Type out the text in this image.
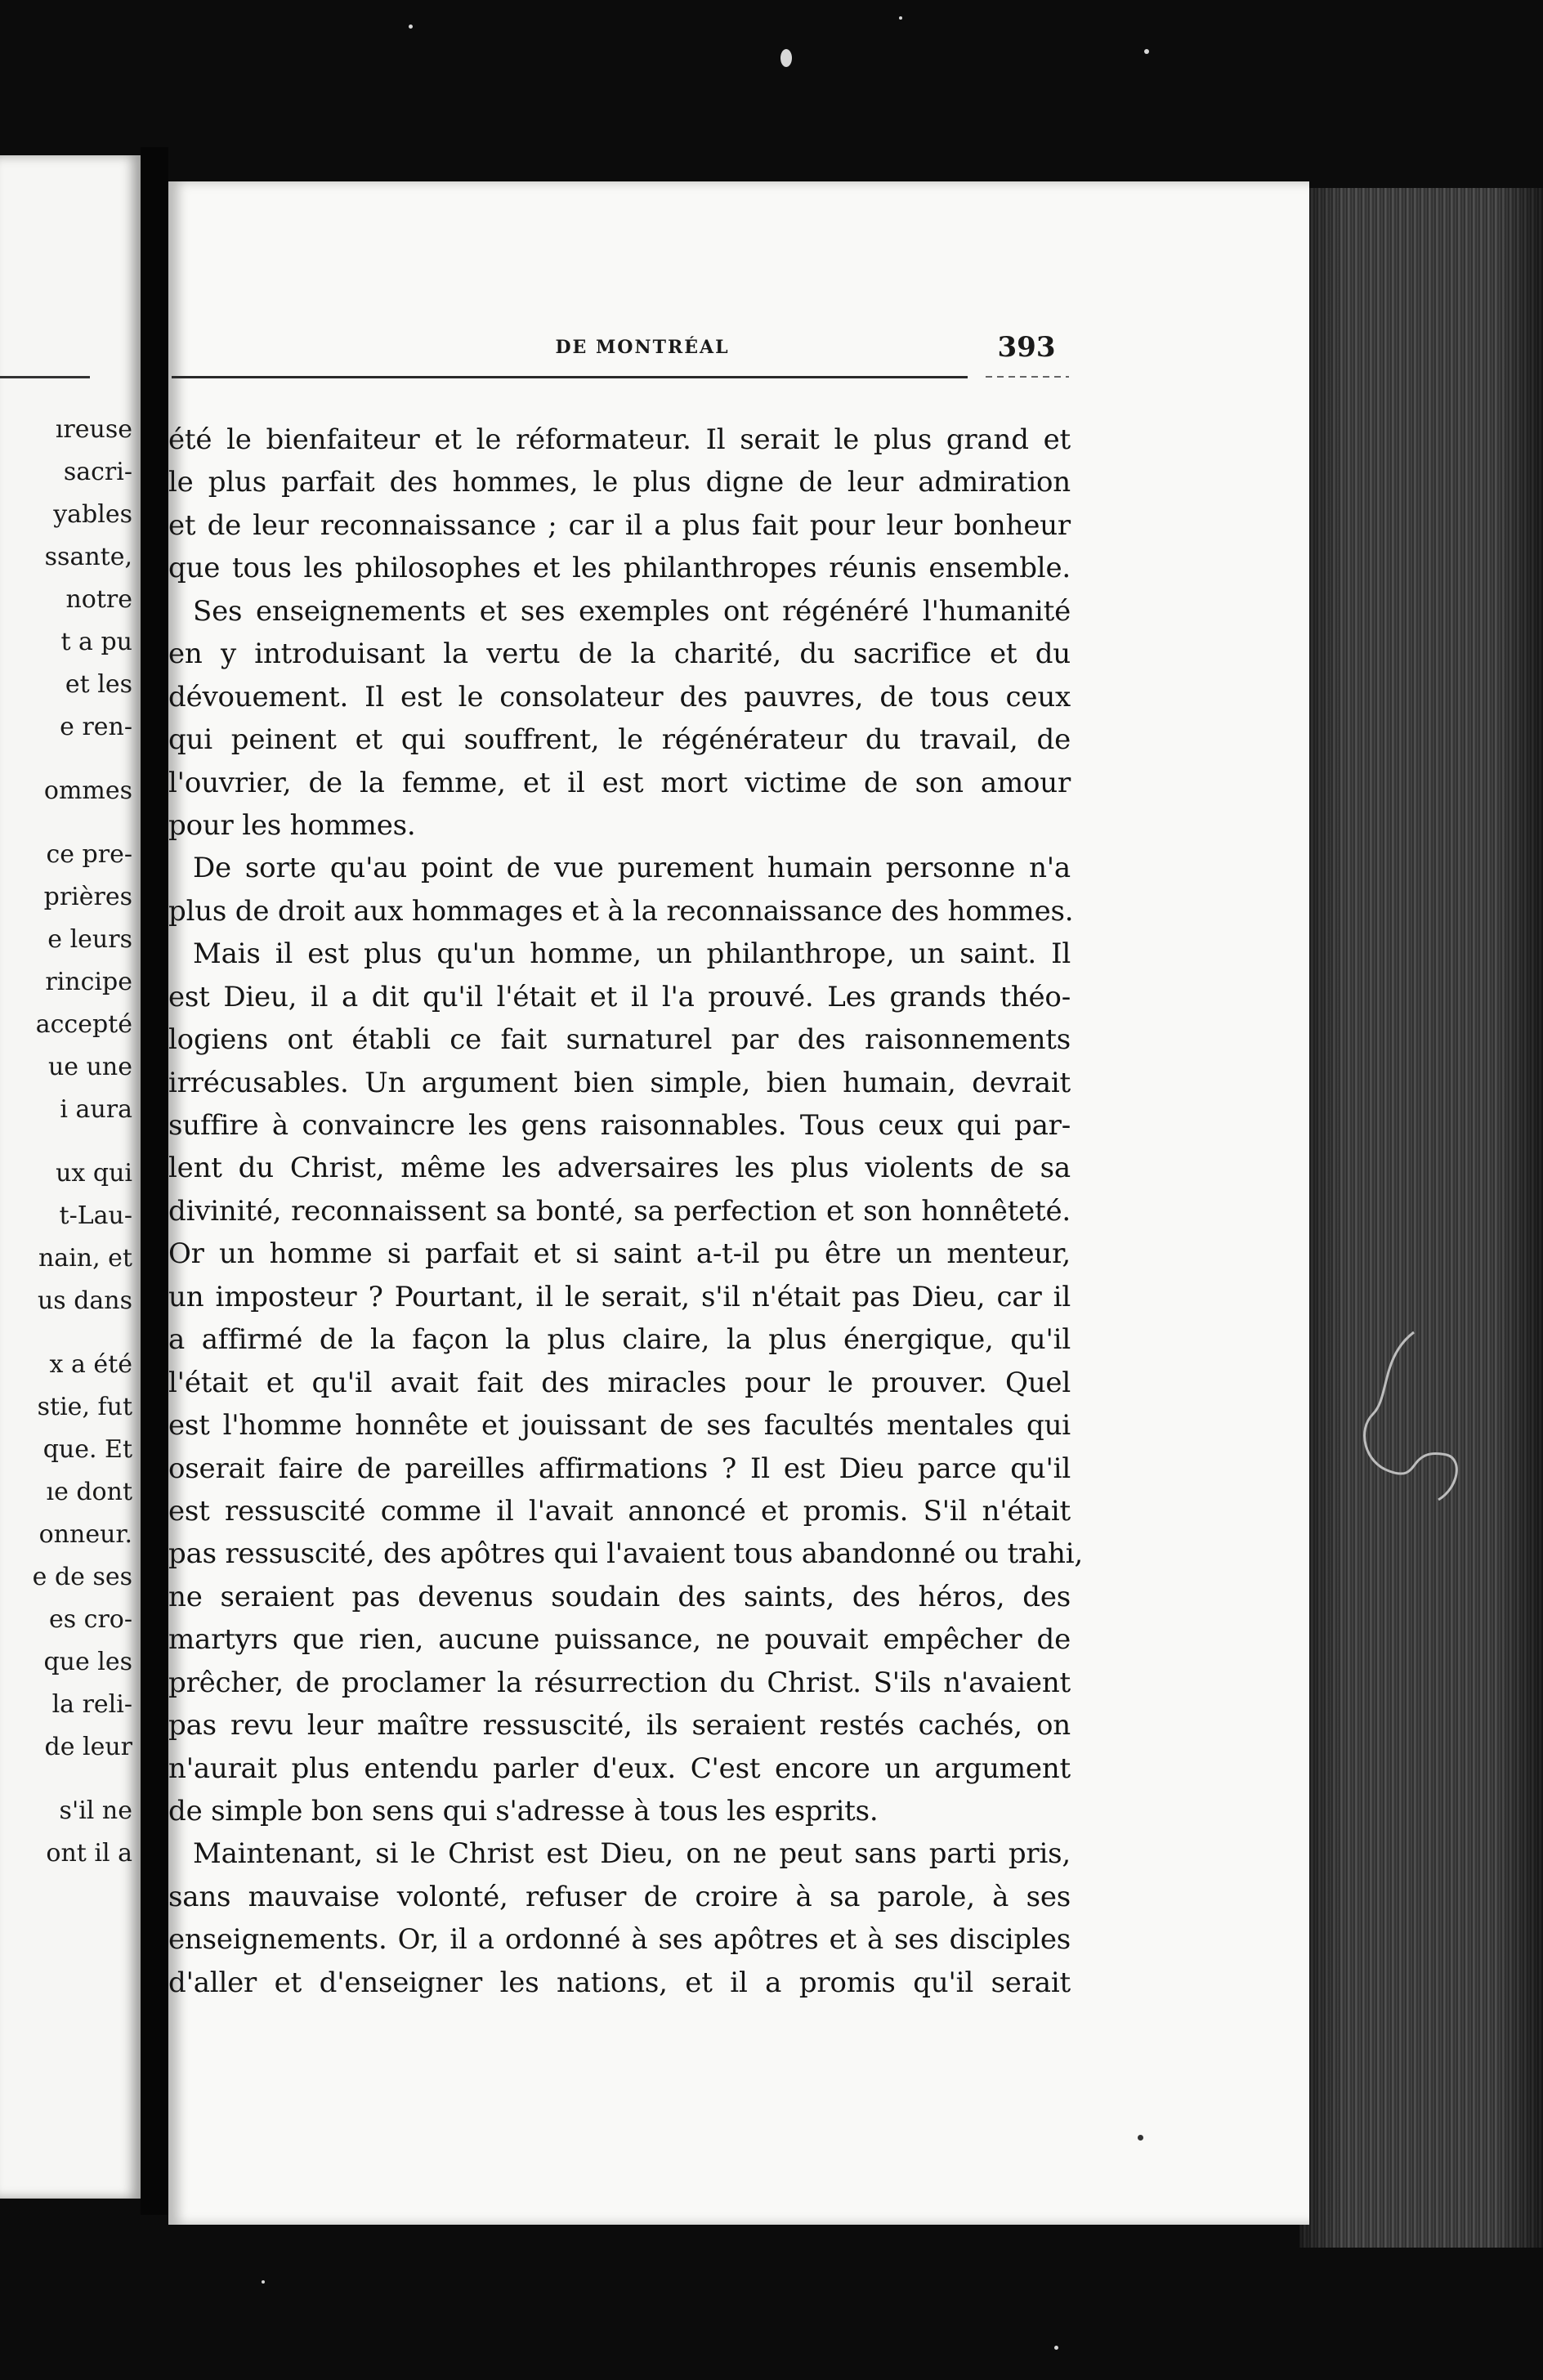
ıreuse
sacri-
yables
ssante,
notre
t a pu
et les
e ren-
ommes
ce pre-
prières
e leurs
rincipe
accepté
ue une
i aura
ux qui
t-Lau-
nain, et
us dans
x a été
stie, fut
que. Et
ıe dont
onneur.
e de ses
es cro-
que les
la reli-
de leur
s'il ne
ont il a
DE MONTRÉAL	393
été le bienfaiteur et le réformateur. Il serait le plus grand et
le plus parfait des hommes, le plus digne de leur admiration
et de leur reconnaissance ; car il a plus fait pour leur bonheur
que tous les philosophes et les philanthropes réunis ensemble.
Ses enseignements et ses exemples ont régénéré l'humanité
en y introduisant la vertu de la charité, du sacrifice et du
dévouement. Il est le consolateur des pauvres, de tous ceux
qui peinent et qui souffrent, le régénérateur du travail, de
l'ouvrier, de la femme, et il est mort victime de son amour
pour les hommes.
De sorte qu'au point de vue purement humain personne n'a
plus de droit aux hommages et à la reconnaissance des hommes.
Mais il est plus qu'un homme, un philanthrope, un saint. Il
est Dieu, il a dit qu'il l'était et il l'a prouvé. Les grands théo-
logiens ont établi ce fait surnaturel par des raisonnements
irrécusables. Un argument bien simple, bien humain, devrait
suffire à convaincre les gens raisonnables. Tous ceux qui par-
lent du Christ, même les adversaires les plus violents de sa
divinité, reconnaissent sa bonté, sa perfection et son honnêteté.
Or un homme si parfait et si saint a-t-il pu être un menteur,
un imposteur ? Pourtant, il le serait, s'il n'était pas Dieu, car il
a affirmé de la façon la plus claire, la plus énergique, qu'il
l'était et qu'il avait fait des miracles pour le prouver. Quel
est l'homme honnête et jouissant de ses facultés mentales qui
oserait faire de pareilles affirmations ? Il est Dieu parce qu'il
est ressuscité comme il l'avait annoncé et promis. S'il n'était
pas ressuscité, des apôtres qui l'avaient tous abandonné ou trahi,
ne seraient pas devenus soudain des saints, des héros, des
martyrs que rien, aucune puissance, ne pouvait empêcher de
prêcher, de proclamer la résurrection du Christ. S'ils n'avaient
pas revu leur maître ressuscité, ils seraient restés cachés, on
n'aurait plus entendu parler d'eux. C'est encore un argument
de simple bon sens qui s'adresse à tous les esprits.
Maintenant, si le Christ est Dieu, on ne peut sans parti pris,
sans mauvaise volonté, refuser de croire à sa parole, à ses
enseignements. Or, il a ordonné à ses apôtres et à ses disciples
d'aller et d'enseigner les nations, et il a promis qu'il serait
